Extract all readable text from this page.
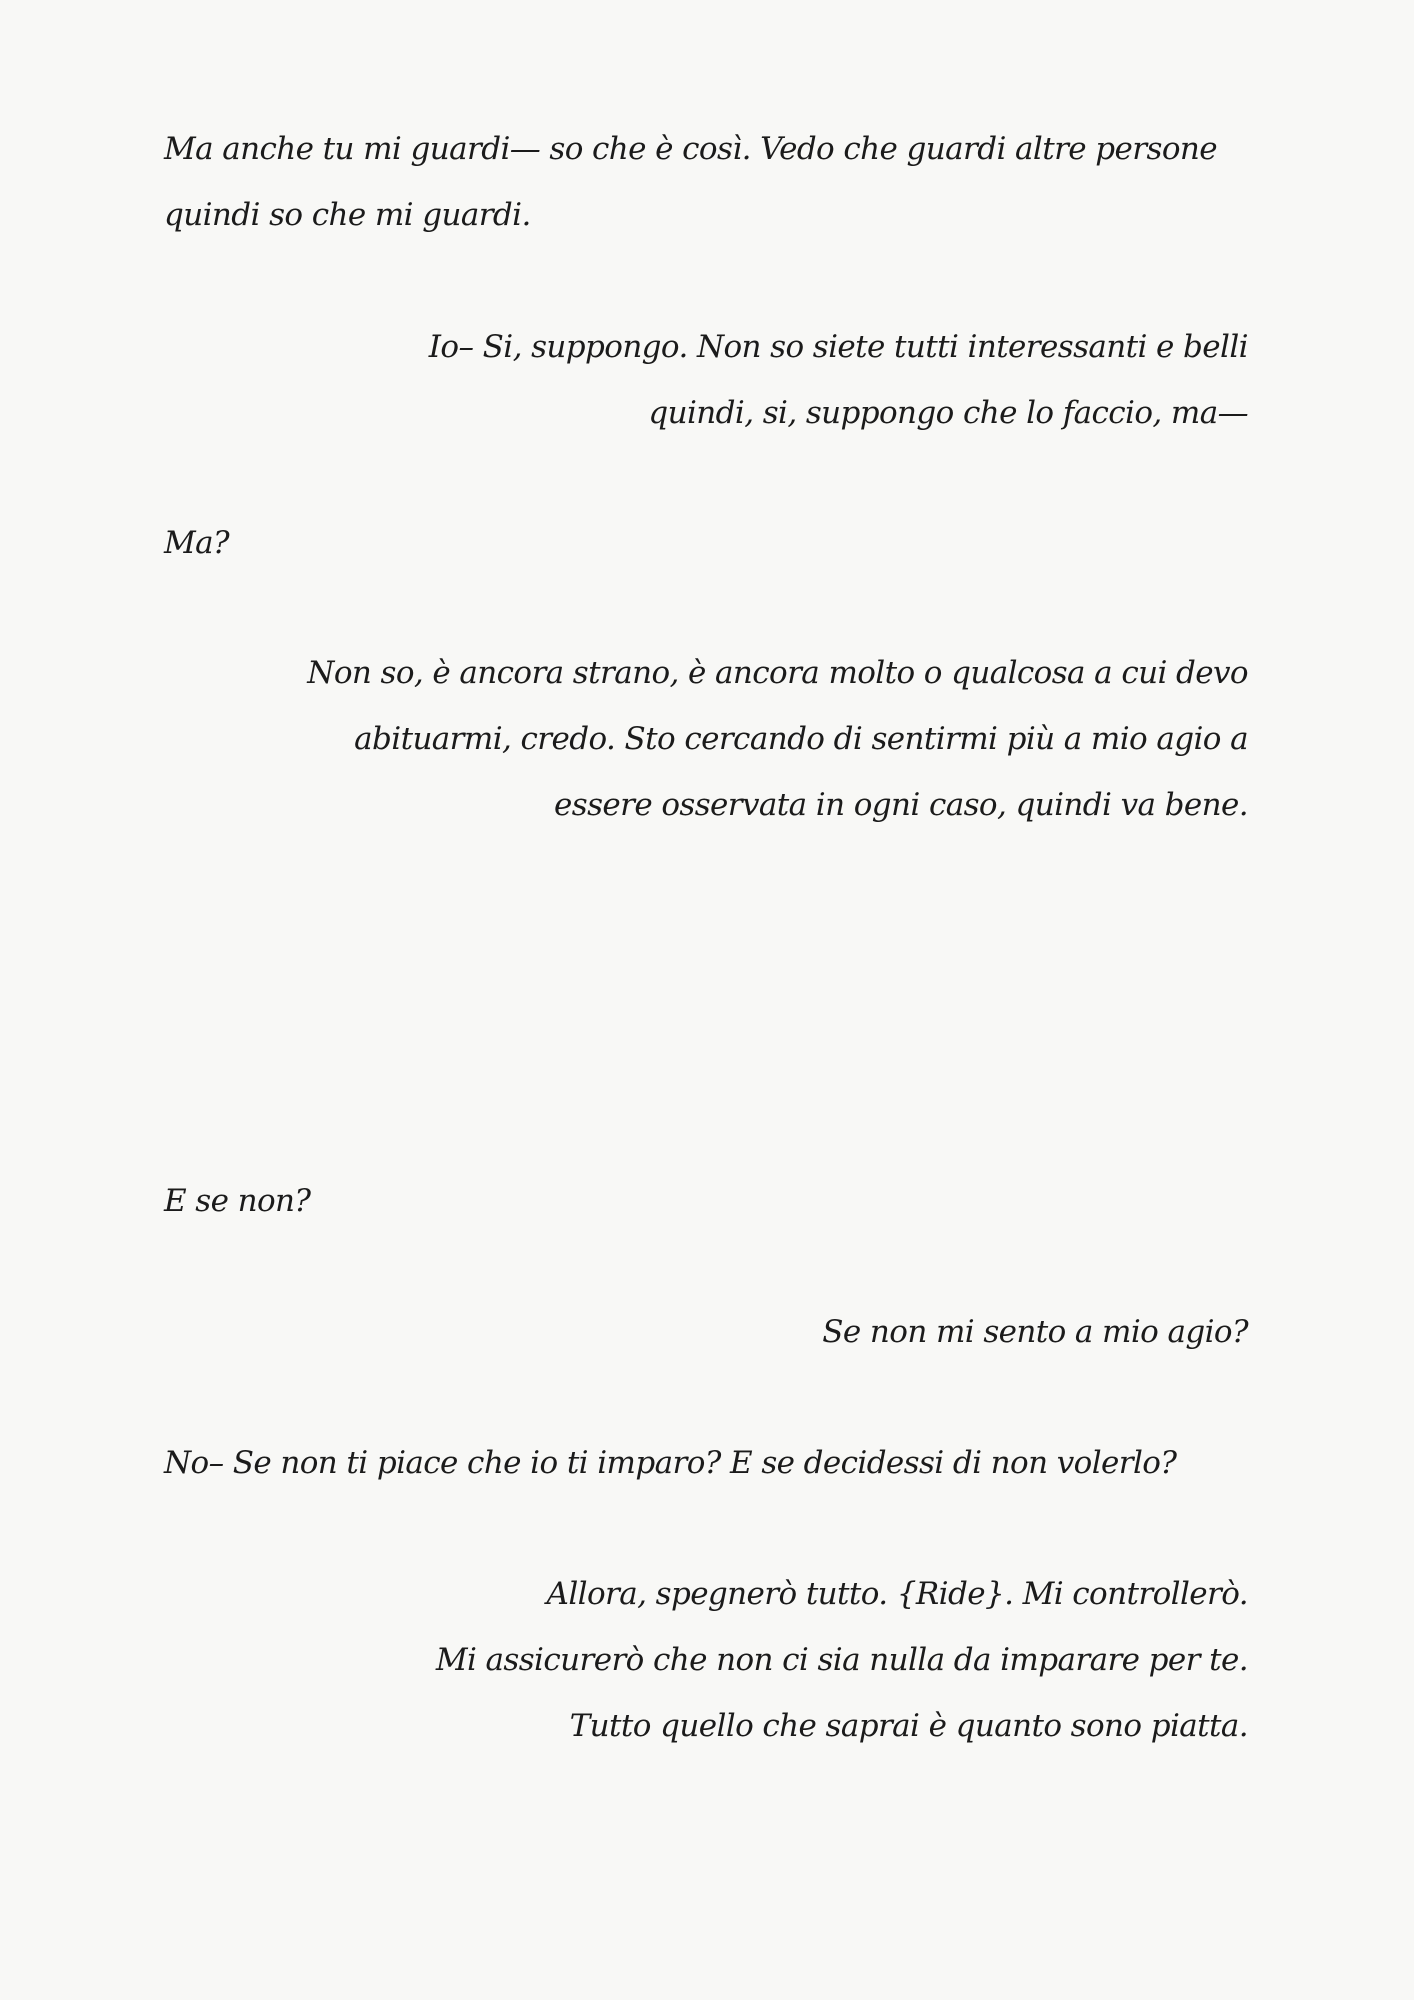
Ma anche tu mi guardi— so che è così. Vedo che guardi altre persone
quindi so che mi guardi.
Io– Si, suppongo. Non so siete tutti interessanti e belli
quindi, si, suppongo che lo faccio, ma—
Ma?
Non so, è ancora strano, è ancora molto o qualcosa a cui devo
abituarmi, credo. Sto cercando di sentirmi più a mio agio a
essere osservata in ogni caso, quindi va bene.
E se non?
Se non mi sento a mio agio?
No– Se non ti piace che io ti imparo? E se decidessi di non volerlo?
Allora, spegnerò tutto. {Ride}. Mi controllerò.
Mi assicurerò che non ci sia nulla da imparare per te.
Tutto quello che saprai è quanto sono piatta.
